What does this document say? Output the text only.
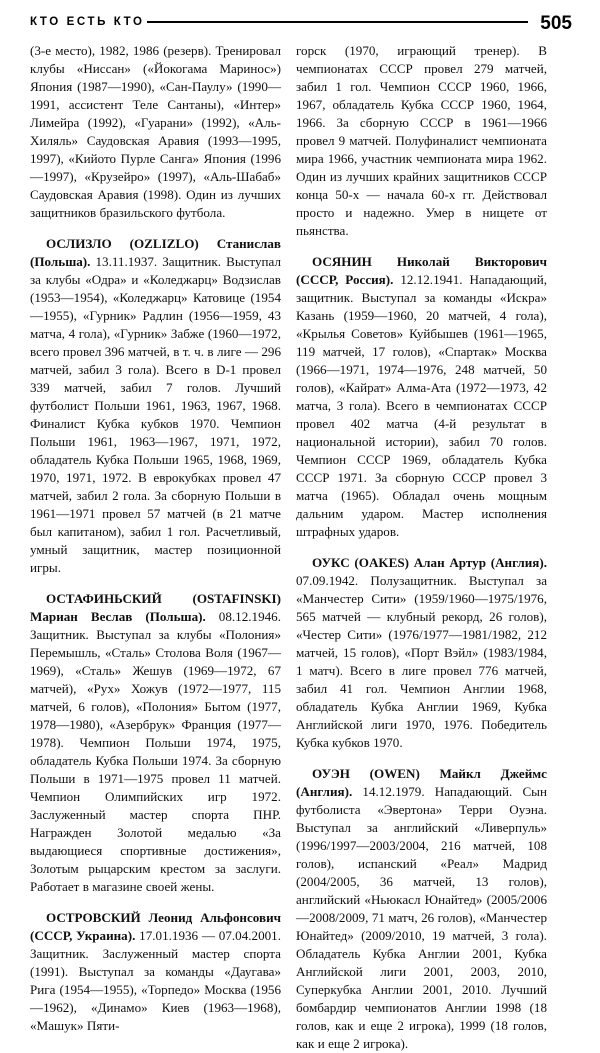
КТО ЕСТЬ КТО	505

(3-е место), 1982, 1986 (резерв). Тренировал клубы «Ниссан» («Йокогама Маринос») Япония (1987—1990), «Сан-Паулу» (1990—1991, ассистент Теле Сантаны), «Интер» Лимейра (1992), «Гуарани» (1992), «Аль-Хиляль» Саудовская Аравия (1993—1995, 1997), «Кийото Пурле Санга» Япония (1996—1997), «Крузейро» (1997), «Аль-Шабаб» Саудовская Аравия (1998). Один из лучших защитников бразильского футбола.

ОСЛИЗЛО (OZLIZLO) Станислав (Польша). 13.11.1937. Защитник. Выступал за клубы «Одра» и «Коледжарц» Водзислав (1953—1954), «Коледжарц» Катовице (1954—1955), «Гурник» Радлин (1956—1959, 43 матча, 4 гола), «Гурник» Забже (1960—1972, всего провел 396 матчей, в т. ч. в лиге — 296 матчей, забил 3 гола). Всего в D-1 провел 339 матчей, забил 7 голов. Лучший футболист Польши 1961, 1963, 1967, 1968. Финалист Кубка кубков 1970. Чемпион Польши 1961, 1963—1967, 1971, 1972, обладатель Кубка Польши 1965, 1968, 1969, 1970, 1971, 1972. В еврокубках провел 47 матчей, забил 2 гола. За сборную Польши в 1961—1971 провел 57 матчей (в 21 матче был капитаном), забил 1 гол. Расчетливый, умный защитник, мастер позиционной игры.

ОСТАФИНЬСКИЙ (OSTAFINSKI) Мариан Веслав (Польша). 08.12.1946. Защитник. Выступал за клубы «Полония» Перемышль, «Сталь» Столова Воля (1967—1969), «Сталь» Жешув (1969—1972, 67 матчей), «Рух» Хожув (1972—1977, 115 матчей, 6 голов), «Полония» Бытом (1977, 1978—1980), «Азербрук» Франция (1977—1978). Чемпион Польши 1974, 1975, обладатель Кубка Польши 1974. За сборную Польши в 1971—1975 провел 11 матчей. Чемпион Олимпийских игр 1972. Заслуженный мастер спорта ПНР. Награжден Золотой медалью «За выдающиеся спортивные достижения», Золотым рыцарским крестом за заслуги. Работает в магазине своей жены.

ОСТРОВСКИЙ Леонид Альфонсович (СССР, Украина). 17.01.1936 — 07.04.2001. Защитник. Заслуженный мастер спорта (1991). Выступал за команды «Даугава» Рига (1954—1955), «Торпедо» Москва (1956—1962), «Динамо» Киев (1963—1968), «Машук» Пяти-

горск (1970, играющий тренер). В чемпионатах СССР провел 279 матчей, забил 1 гол. Чемпион СССР 1960, 1966, 1967, обладатель Кубка СССР 1960, 1964, 1966. За сборную СССР в 1961—1966 провел 9 матчей. Полуфиналист чемпионата мира 1966, участник чемпионата мира 1962. Один из лучших крайних защитников СССР конца 50-х — начала 60-х гг. Действовал просто и надежно. Умер в нищете от пьянства.

ОСЯНИН Николай Викторович (СССР, Россия). 12.12.1941. Нападающий, защитник. Выступал за команды «Искра» Казань (1959—1960, 20 матчей, 4 гола), «Крылья Советов» Куйбышев (1961—1965, 119 матчей, 17 голов), «Спартак» Москва (1966—1971, 1974—1976, 248 матчей, 50 голов), «Кайрат» Алма-Ата (1972—1973, 42 матча, 3 гола). Всего в чемпионатах СССР провел 402 матча (4-й результат в национальной истории), забил 70 голов. Чемпион СССР 1969, обладатель Кубка СССР 1971. За сборную СССР провел 3 матча (1965). Обладал очень мощным дальним ударом. Мастер исполнения штрафных ударов.

ОУКС (OAKES) Алан Артур (Англия). 07.09.1942. Полузащитник. Выступал за «Манчестер Сити» (1959/1960—1975/1976, 565 матчей — клубный рекорд, 26 голов), «Честер Сити» (1976/1977—1981/1982, 212 матчей, 15 голов), «Порт Вэйл» (1983/1984, 1 матч). Всего в лиге провел 776 матчей, забил 41 гол. Чемпион Англии 1968, обладатель Кубка Англии 1969, Кубка Английской лиги 1970, 1976. Победитель Кубка кубков 1970.

ОУЭН (OWEN) Майкл Джеймс (Англия). 14.12.1979. Нападающий. Сын футболиста «Эвертона» Терри Оуэна. Выступал за английский «Ливерпуль» (1996/1997—2003/2004, 216 матчей, 108 голов), испанский «Реал» Мадрид (2004/2005, 36 матчей, 13 голов), английский «Ньюкасл Юнайтед» (2005/2006—2008/2009, 71 матч, 26 голов), «Манчестер Юнайтед» (2009/2010, 19 матчей, 3 гола). Обладатель Кубка Англии 2001, Кубка Английской лиги 2001, 2003, 2010, Суперкубка Англии 2001, 2010. Лучший бомбардир чемпионатов Англии 1998 (18 голов, как и еще 2 игрока), 1999 (18 голов, как и еще 2 игрока).
